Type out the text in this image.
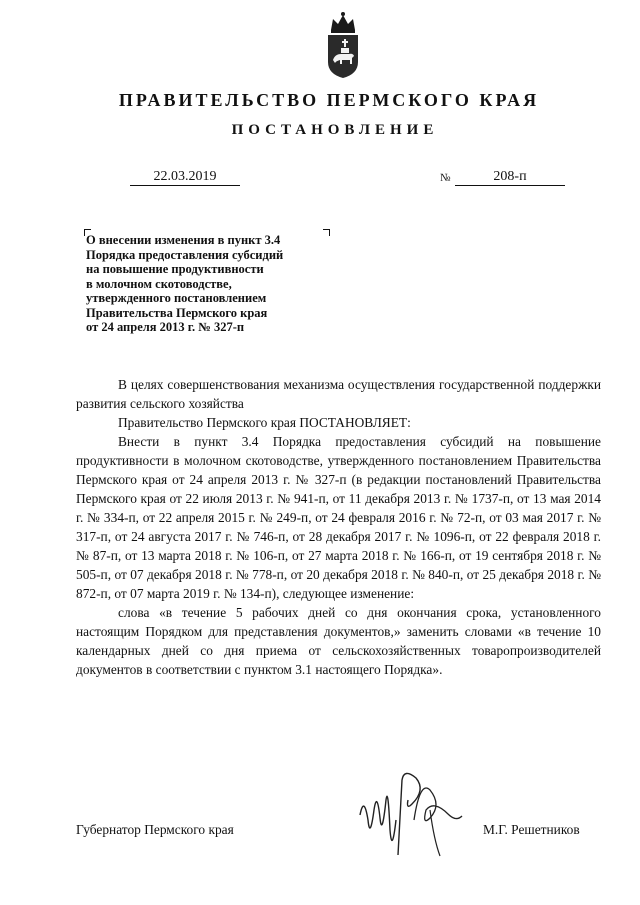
ПРАВИТЕЛЬСТВО ПЕРМСКОГО КРАЯ
ПОСТАНОВЛЕНИЕ
22.03.2019	№	208-п
О внесении изменения в пункт 3.4
Порядка предоставления субсидий
на повышение продуктивности
в молочном скотоводстве,
утвержденного постановлением
Правительства Пермского края
от 24 апреля 2013 г. № 327-п

В целях совершенствования механизма осуществления государственной поддержки развития сельского хозяйства

Правительство Пермского края ПОСТАНОВЛЯЕТ:

Внести в пункт 3.4 Порядка предоставления субсидий на повышение продуктивности в молочном скотоводстве, утвержденного постановлением Правительства Пермского края от 24 апреля 2013 г. № 327-п (в редакции постановлений Правительства Пермского края от 22 июля 2013 г. № 941-п, от 11 декабря 2013 г. № 1737-п, от 13 мая 2014 г. № 334-п, от 22 апреля 2015 г. № 249-п, от 24 февраля 2016 г. № 72-п, от 03 мая 2017 г. № 317-п, от 24 августа 2017 г. № 746-п, от 28 декабря 2017 г. № 1096-п, от 22 февраля 2018 г. № 87-п, от 13 марта 2018 г. № 106-п, от 27 марта 2018 г. № 166-п, от 19 сентября 2018 г. № 505-п, от 07 декабря 2018 г. № 778-п, от 20 декабря 2018 г. № 840-п, от 25 декабря 2018 г. № 872-п, от 07 марта 2019 г. № 134-п), следующее изменение:

слова «в течение 5 рабочих дней со дня окончания срока, установленного настоящим Порядком для представления документов,» заменить словами «в течение 10 календарных дней со дня приема от сельскохозяйственных товаропроизводителей документов в соответствии с пунктом 3.1 настоящего Порядка».

Губернатор Пермского края	М.Г. Решетников
